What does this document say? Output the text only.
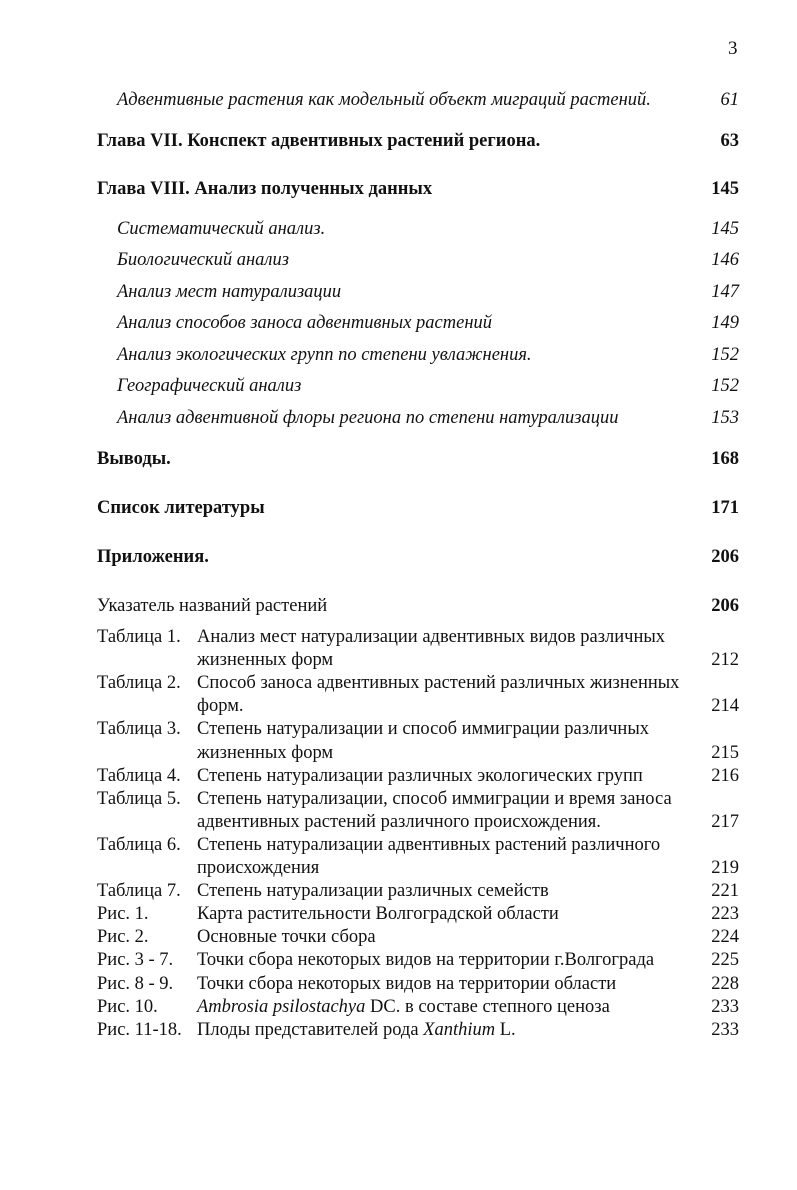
3
Адвентивные растения как модельный объект миграций растений.	61
Глава VII. Конспект адвентивных растений региона.	63
Глава VIII. Анализ полученных данных	145
Систематический анализ.	145
Биологический анализ	146
Анализ мест натурализации	147
Анализ способов заноса адвентивных растений	149
Анализ экологических групп по степени увлажнения.	152
Географический анализ	152
Анализ адвентивной флоры региона по степени натурализации	153
Выводы.	168
Список литературы	171
Приложения.	206
Указатель названий растений	206
Таблица 1. Анализ мест натурализации адвентивных видов различных
жизненных форм	212
Таблица 2. Способ заноса адвентивных растений различных жизненных
форм.	214
Таблица 3. Степень натурализации и способ иммиграции различных
жизненных форм	215
Таблица 4. Степень натурализации различных экологических групп	216
Таблица 5. Степень натурализации, способ иммиграции и время заноса
адвентивных растений различного происхождения.	217
Таблица 6. Степень натурализации адвентивных растений различного
происхождения	219
Таблица 7. Степень натурализации различных семейств	221
Рис. 1.	Карта растительности Волгоградской области	223
Рис. 2.	Основные точки сбора	224
Рис. 3 - 7. Точки сбора некоторых видов на территории г.Волгограда	225
Рис. 8 - 9. Точки сбора некоторых видов на территории области	228
Рис. 10. Ambrosia psilostachya DC. в составе степного ценоза	233
Рис. 11-18. Плоды представителей рода Xanthium L.	233
